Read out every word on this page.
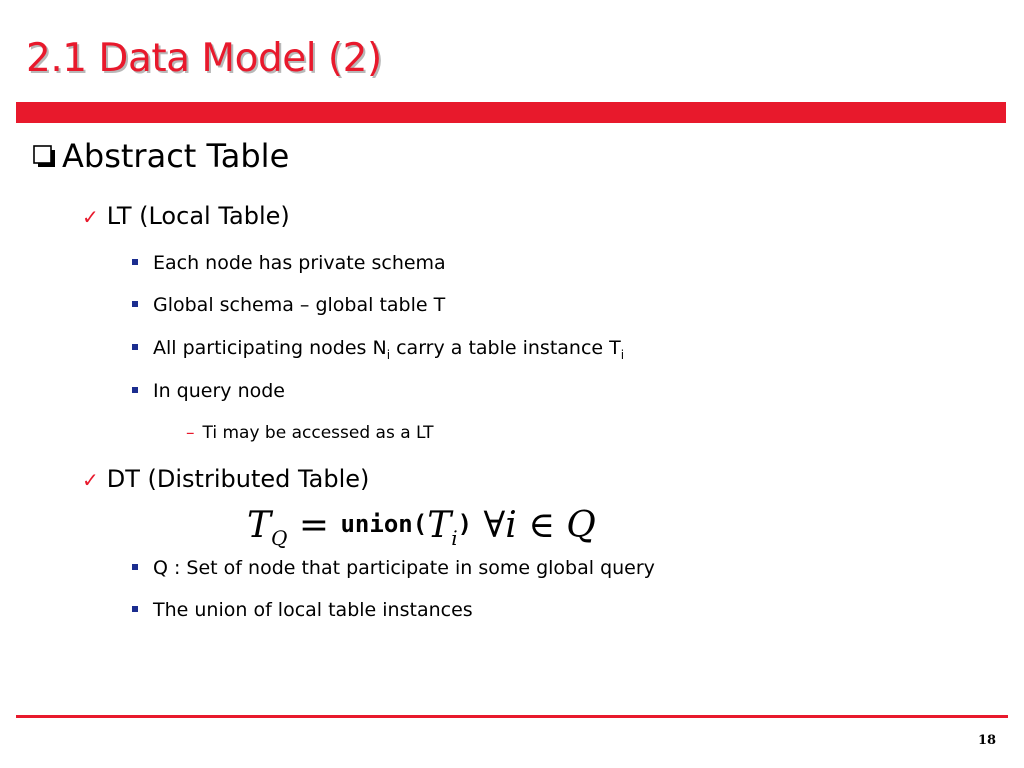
2.1 Data Model (2)
Abstract Table
✓ LT (Local Table)
Each node has private schema
Global schema – global table T
All participating nodes $N_i$ carry a table instance $T_i$
In query node
– Ti may be accessed as a LT
✓ DT (Distributed Table)
$T_Q$ = $union(T_i)$ ∀i ∈ Q
Q : Set of node that participate in some global query
The union of local table instances
18
